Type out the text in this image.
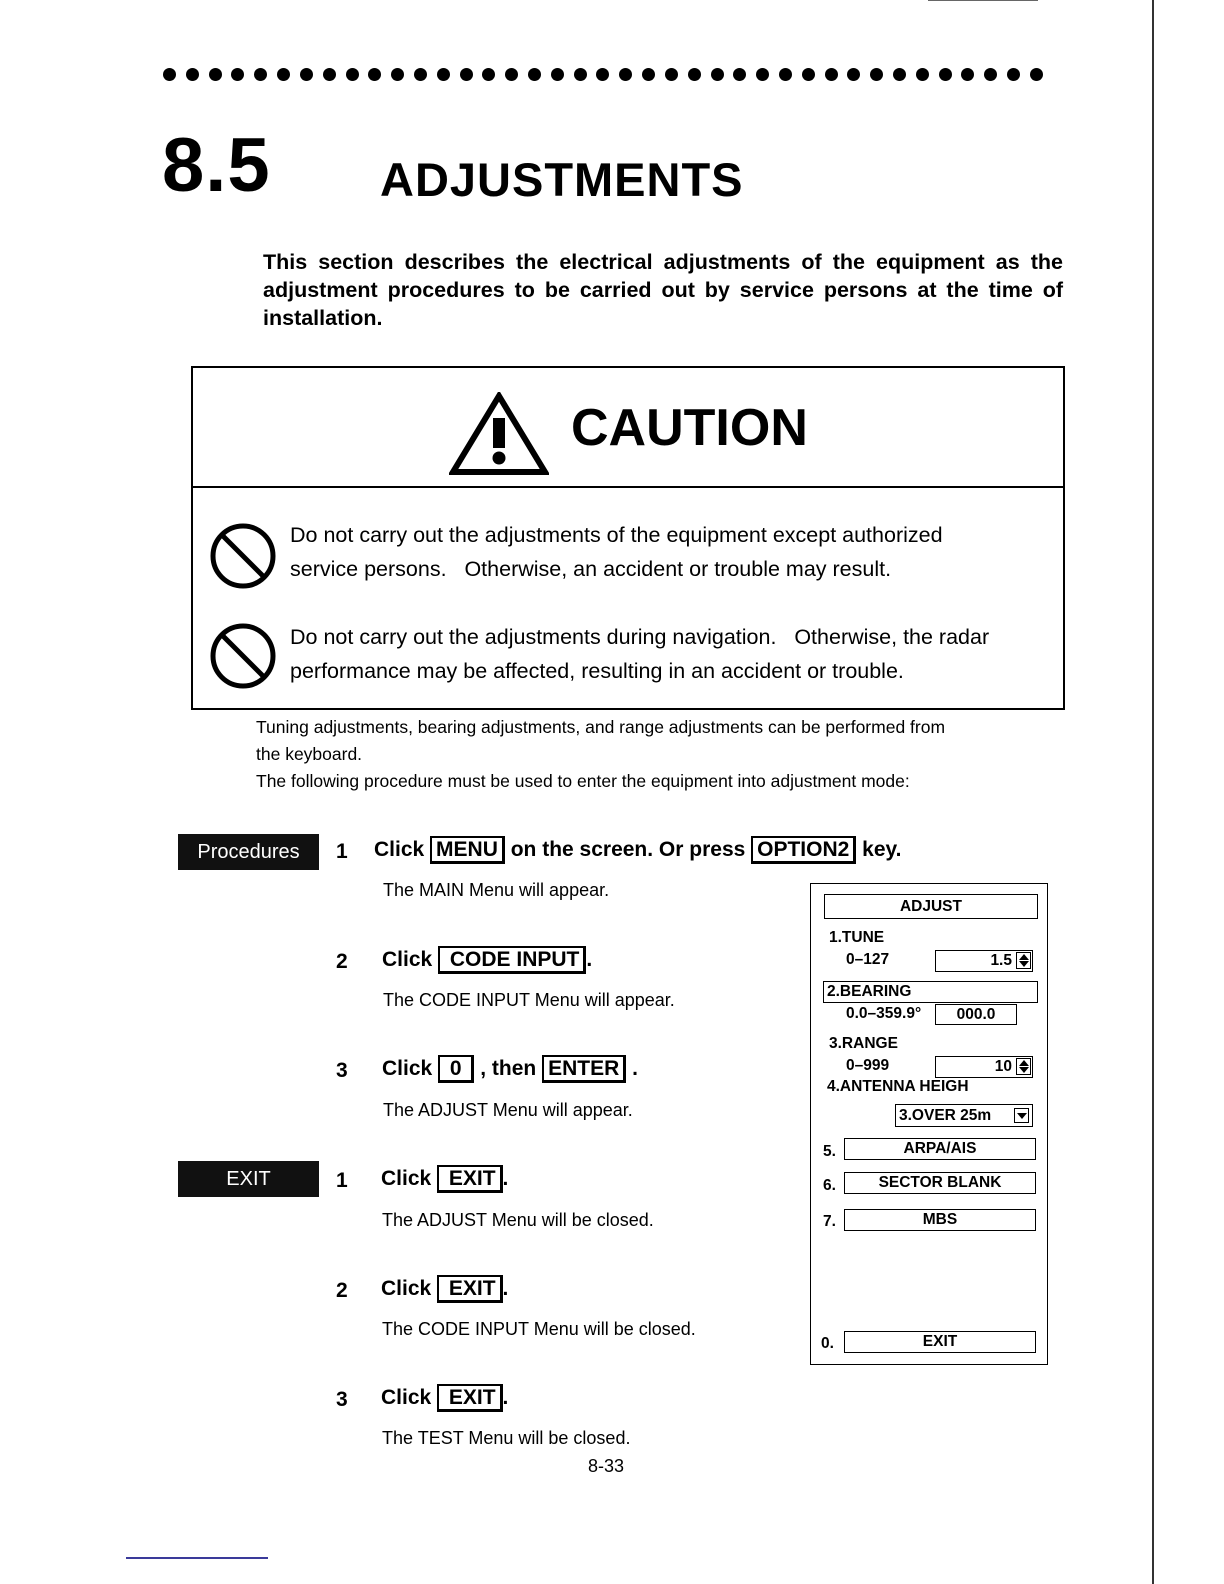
8.5 ADJUSTMENTS
This section describes the electrical adjustments of the equipment as the adjustment procedures to be carried out by service persons at the time of installation.
CAUTION
Do not carry out the adjustments of the equipment except authorized
service persons.   Otherwise, an accident or trouble may result.
Do not carry out the adjustments during navigation.   Otherwise, the radar
performance may be affected, resulting in an accident or trouble.
Tuning adjustments, bearing adjustments, and range adjustments can be performed from
the keyboard.
The following procedure must be used to enter the equipment into adjustment mode:
Procedures	1 Click MENU on the screen. Or press OPTION2 key.
The MAIN Menu will appear.
2 Click  CODE INPUT .
The CODE INPUT Menu will appear.
3 Click  0  , then ENTER .
The ADJUST Menu will appear.
EXIT	1 Click  EXIT .
The ADJUST Menu will be closed.
2 Click  EXIT .
The CODE INPUT Menu will be closed.
3 Click  EXIT .
The TEST Menu will be closed.
8-33
ADJUST
1.TUNE
0–127	1.5
2.BEARING
0.0–359.9°	000.0
3.RANGE
0–999	10
4.ANTENNA HEIGH
3.OVER 25m
5.	ARPA/AIS
6.	SECTOR BLANK
7.	MBS
0.	EXIT
